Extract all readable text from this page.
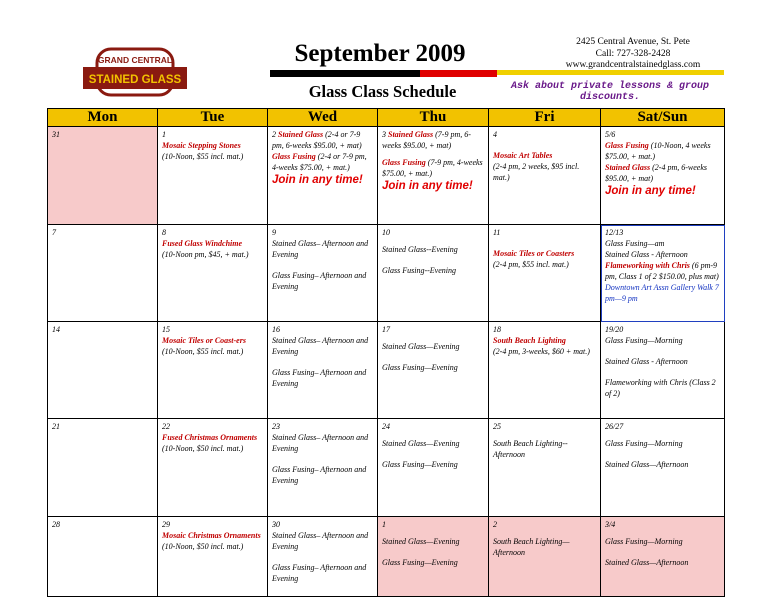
GRAND CENTRAL
STAINED GLASS
September 2009	2425 Central Avenue, St. Pete
Call: 727-328-2428
www.grandcentralstainedglass.com
Glass Class Schedule	Ask about private lessons & group discounts.
Mon	Tue	Wed	Thu	Fri	Sat/Sun

31	1
Mosaic Stepping Stones
(10-Noon, $55 incl. mat.)	2 Stained Glass (2-4 or 7-9 pm, 6-weeks $95.00, + mat)
Glass Fusing (2-4 or 7-9 pm, 4-weeks $75.00, + mat.)
Join in any time!	3 Stained Glass (7-9 pm, 6-weeks $95.00, + mat)

Glass Fusing (7-9 pm, 4-weeks $75.00, + mat.)
Join in any time!	4
Mosaic Art Tables
(2-4 pm, 2 weeks, $95 incl. mat.)	5/6
Glass Fusing (10-Noon, 4 weeks $75.00, + mat.)
Stained Glass (2-4 pm, 6-weeks $95.00, + mat)
Join in any time!

7	8
Fused Glass Windchime
(10-Noon pm, $45, + mat.)	9
Stained Glass– Afternoon and Evening
Glass Fusing– Afternoon and Evening	10
Stained Glass--Evening
Glass Fusing--Evening	11
Mosaic Tiles or Coasters
(2-4 pm, $55 incl. mat.)	12/13
Glass Fusing—am
Stained Glass - Afternoon
Flameworking with Chris (6 pm-9 pm, Class 1 of 2 $150.00, plus mat)
Downtown Art Assn Gallery Walk 7 pm—9 pm

14	15
Mosaic Tiles or Coast-ers
(10-Noon, $55 incl. mat.)	16
Stained Glass– Afternoon and Evening
Glass Fusing– Afternoon and Evening	17
Stained Glass—Evening
Glass Fusing—Evening	18
South Beach Lighting
(2-4 pm, 3-weeks, $60 + mat.)	19/20
Glass Fusing—Morning
Stained Glass - Afternoon
Flameworking with Chris (Class 2 of 2)

21	22
Fused Christmas Ornaments
(10-Noon, $50 incl. mat.)	23
Stained Glass– Afternoon and Evening
Glass Fusing– Afternoon and Evening	24
Stained Glass—Evening
Glass Fusing—Evening	25
South Beach Lighting--Afternoon	26/27
Glass Fusing—Morning
Stained Glass—Afternoon

28	29
Mosaic Christmas Ornaments
(10-Noon, $50 incl. mat.)	30
Stained Glass– Afternoon and Evening
Glass Fusing– Afternoon and Evening	1
Stained Glass—Evening
Glass Fusing—Evening	2
South Beach Lighting—Afternoon	3/4
Glass Fusing—Morning
Stained Glass—Afternoon
